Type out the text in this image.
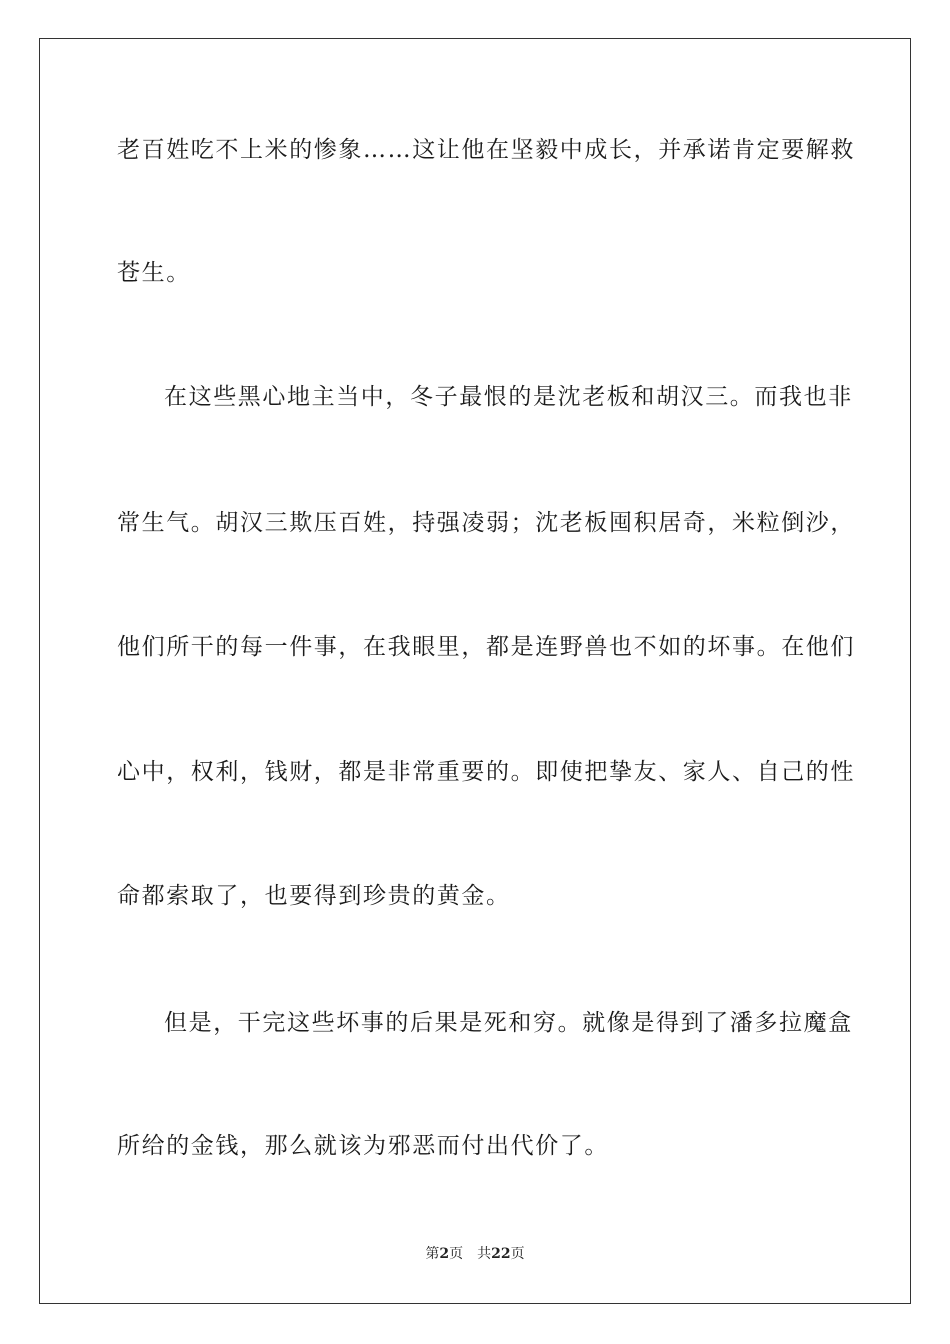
老百姓吃不上米的惨象……这让他在坚毅中成长，并承诺肯定要解救
苍生。
在这些黑心地主当中，冬子最恨的是沈老板和胡汉三。而我也非
常生气。胡汉三欺压百姓，持强凌弱；沈老板囤积居奇，米粒倒沙，
他们所干的每一件事，在我眼里，都是连野兽也不如的坏事。在他们
心中，权利，钱财，都是非常重要的。即使把挚友、家人、自己的性
命都索取了，也要得到珍贵的黄金。
但是，干完这些坏事的后果是死和穷。就像是得到了潘多拉魔盒
所给的金钱，那么就该为邪恶而付出代价了。
第2页 共22页
